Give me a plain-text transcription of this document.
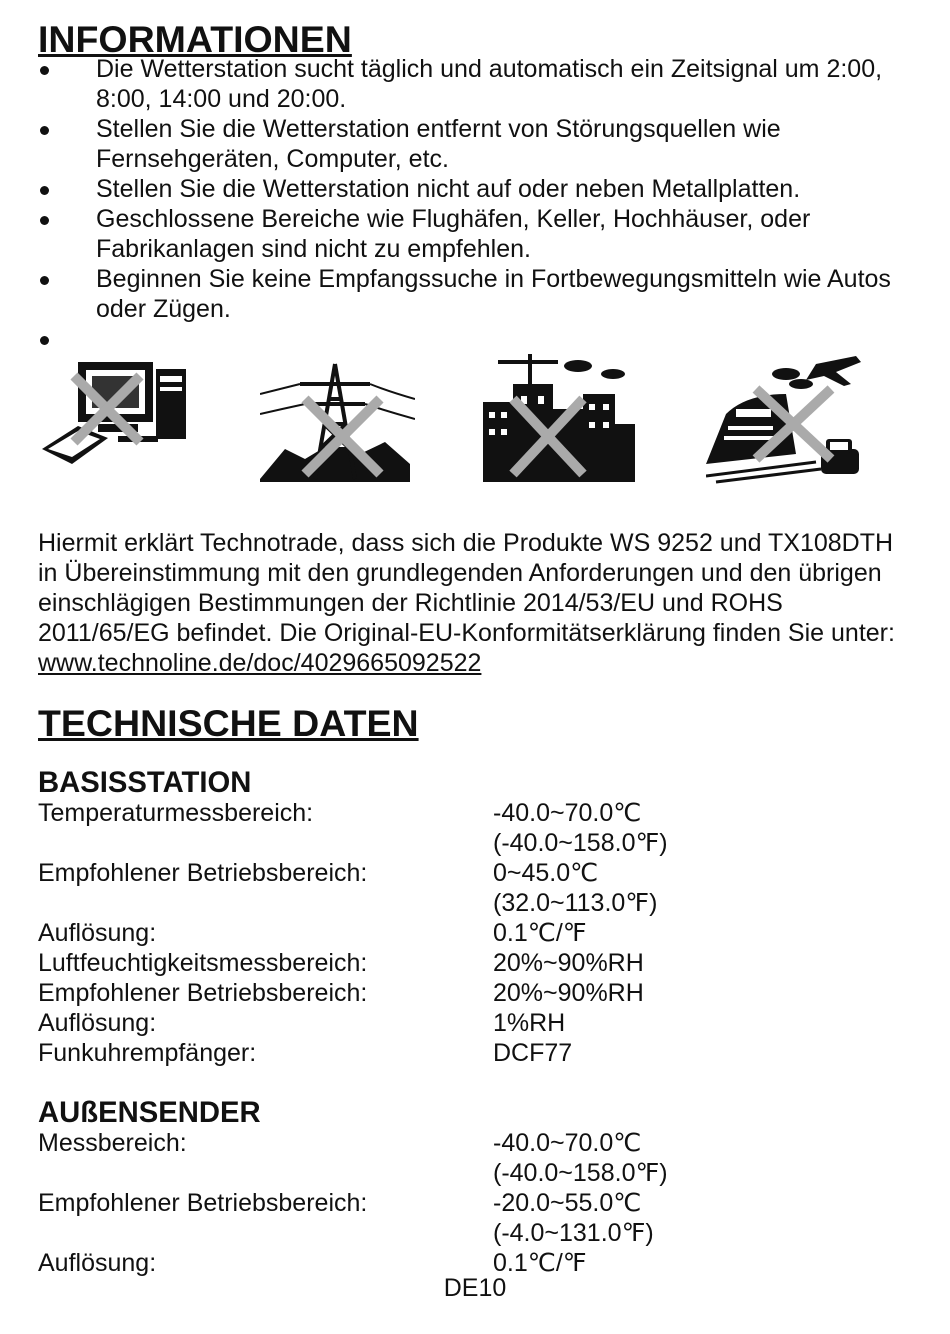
INFORMATIONEN
Die Wetterstation sucht täglich und automatisch ein Zeitsignal um 2:00, 8:00, 14:00 und 20:00.
Stellen Sie die Wetterstation entfernt von Störungsquellen wie Fernsehgeräten, Computer, etc.
Stellen Sie die Wetterstation nicht auf oder neben Metallplatten.
Geschlossene Bereiche wie Flughäfen, Keller, Hochhäuser, oder Fabrikanlagen sind nicht zu empfehlen.
Beginnen Sie keine Empfangssuche in Fortbewegungsmitteln wie Autos oder Zügen.

Hiermit erklärt Technotrade, dass sich die Produkte WS 9252 und TX108DTH in Übereinstimmung mit den grundlegenden Anforderungen und den übrigen einschlägigen Bestimmungen der Richtlinie 2014/53/EU und ROHS 2011/65/EG befindet. Die Original-EU-Konformitätserklärung finden Sie unter: www.technoline.de/doc/4029665092522

TECHNISCHE DATEN
BASISSTATION
Temperaturmessbereich:
	-40.0~70.0℃
(-40.0~158.0℉)
Empfohlener Betriebsbereich:
	0~45.0℃
(32.0~113.0℉)
Auflösung:	0.1℃/℉
Luftfeuchtigkeitsmessbereich:	20%~90%RH
Empfohlener Betriebsbereich:	20%~90%RH
Auflösung:	1%RH
Funkuhrempfänger:	DCF77
AUßENSENDER
Messbereich:
	-40.0~70.0℃
(-40.0~158.0℉)
Empfohlener Betriebsbereich:
	-20.0~55.0℃
(-4.0~131.0℉)
Auflösung:	0.1℃/℉
DE10
